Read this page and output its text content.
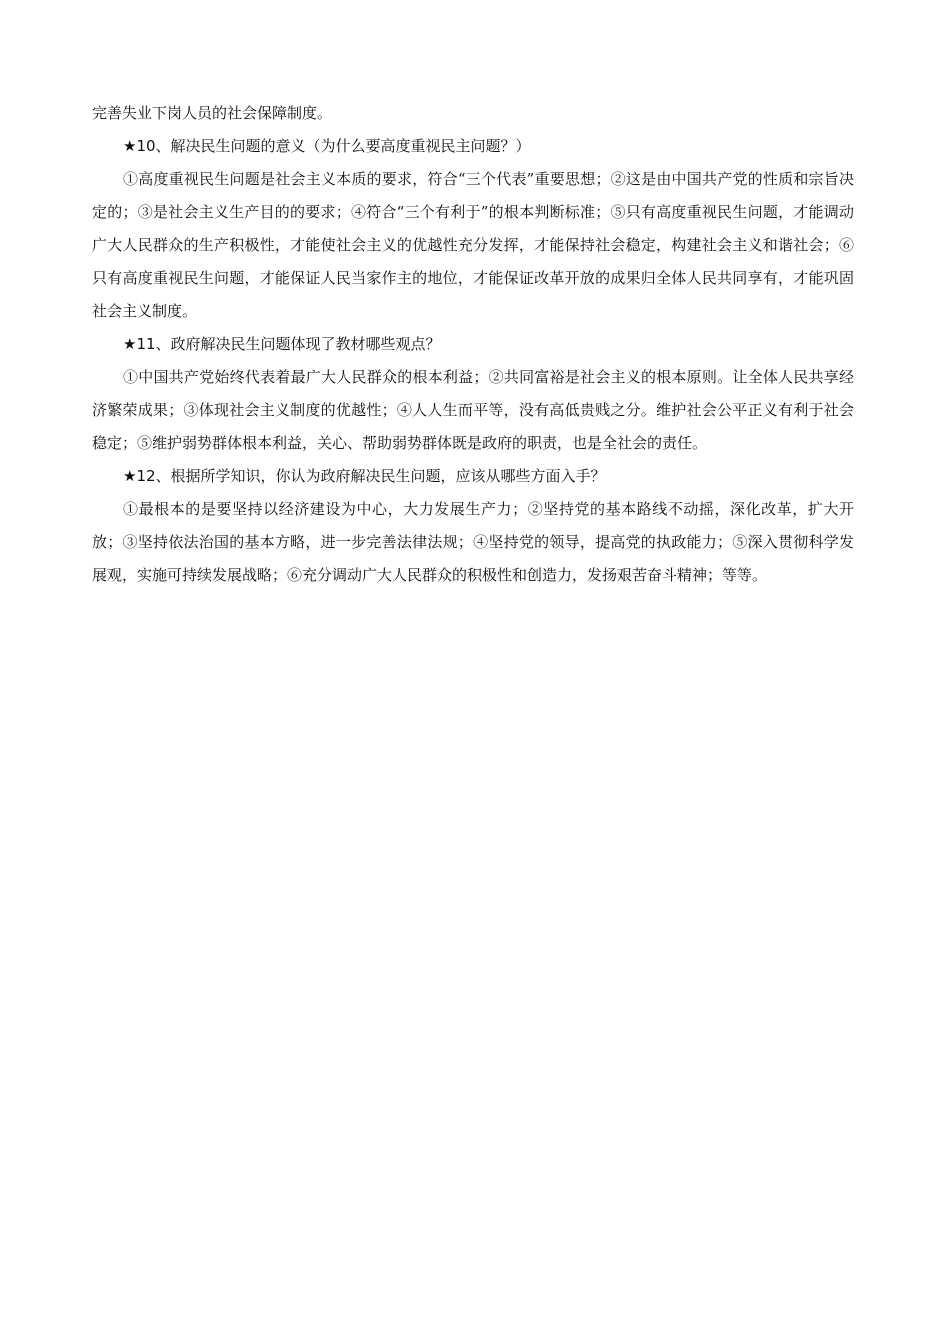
完善失业下岗人员的社会保障制度。

★10、解决民生问题的意义（为什么要高度重视民主问题？）

①高度重视民生问题是社会主义本质的要求，符合“三个代表”重要思想；②这是由中国共产党的性质和宗旨决定的；③是社会主义生产目的的要求；④符合“三个有利于”的根本判断标准；⑤只有高度重视民生问题，才能调动广大人民群众的生产积极性，才能使社会主义的优越性充分发挥，才能保持社会稳定，构建社会主义和谐社会；⑥只有高度重视民生问题，才能保证人民当家作主的地位，才能保证改革开放的成果归全体人民共同享有，才能巩固社会主义制度。

★11、政府解决民生问题体现了教材哪些观点？

①中国共产党始终代表着最广大人民群众的根本利益；②共同富裕是社会主义的根本原则。让全体人民共享经济繁荣成果；③体现社会主义制度的优越性；④人人生而平等，没有高低贵贱之分。维护社会公平正义有利于社会稳定；⑤维护弱势群体根本利益，关心、帮助弱势群体既是政府的职责，也是全社会的责任。

★12、根据所学知识，你认为政府解决民生问题，应该从哪些方面入手？

①最根本的是要坚持以经济建设为中心，大力发展生产力；②坚持党的基本路线不动摇，深化改革，扩大开放；③坚持依法治国的基本方略，进一步完善法律法规；④坚持党的领导，提高党的执政能力；⑤深入贯彻科学发展观，实施可持续发展战略；⑥充分调动广大人民群众的积极性和创造力，发扬艰苦奋斗精神；等等。
